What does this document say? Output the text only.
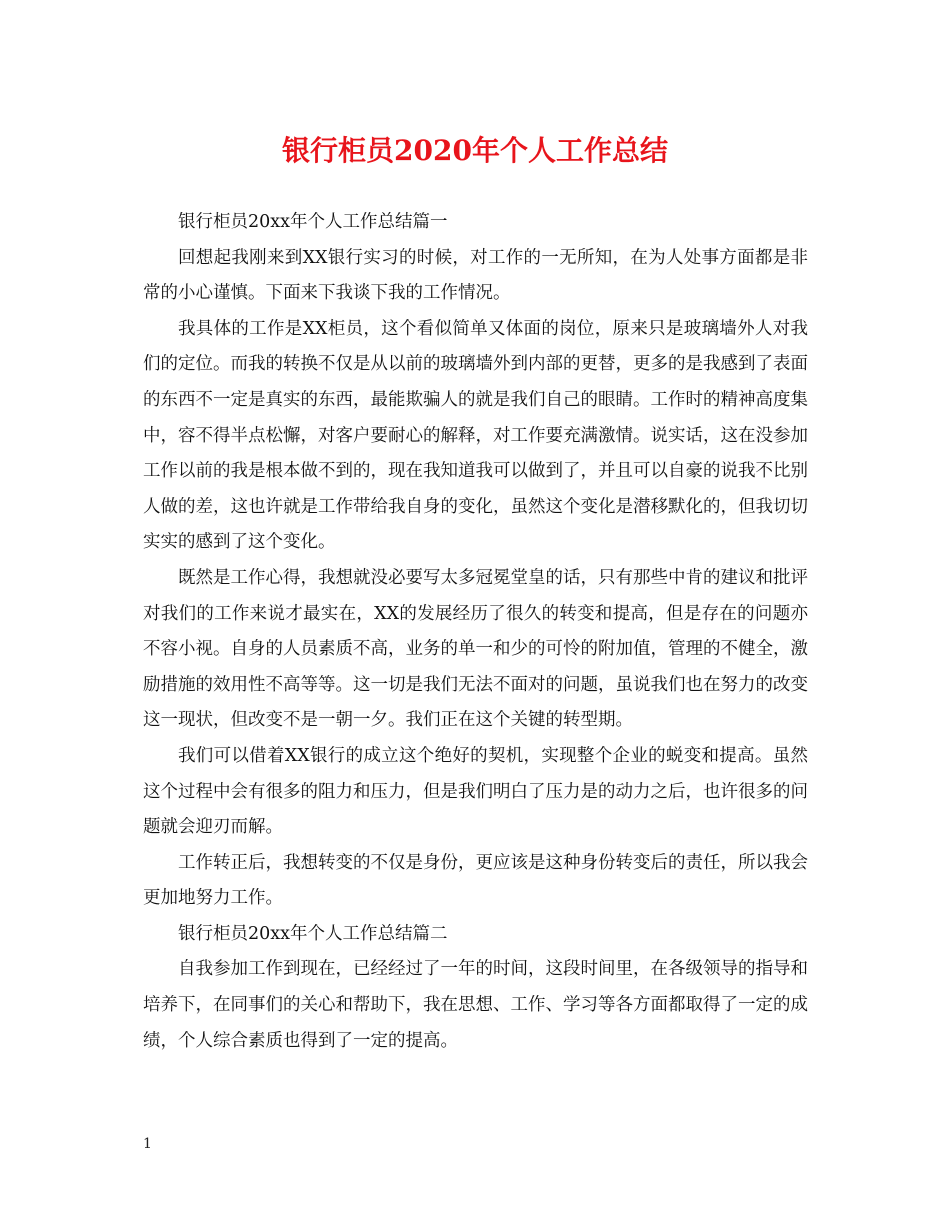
银行柜员2020年个人工作总结

银行柜员20xx年个人工作总结篇一

回想起我刚来到XX银行实习的时候，对工作的一无所知，在为人处事方面都是非常的小心谨慎。下面来下我谈下我的工作情况。

我具体的工作是XX柜员，这个看似简单又体面的岗位，原来只是玻璃墙外人对我们的定位。而我的转换不仅是从以前的玻璃墙外到内部的更替，更多的是我感到了表面的东西不一定是真实的东西，最能欺骗人的就是我们自己的眼睛。工作时的精神高度集中，容不得半点松懈，对客户要耐心的解释，对工作要充满激情。说实话，这在没参加工作以前的我是根本做不到的，现在我知道我可以做到了，并且可以自豪的说我不比别人做的差，这也许就是工作带给我自身的变化，虽然这个变化是潜移默化的，但我切切实实的感到了这个变化。

既然是工作心得，我想就没必要写太多冠冕堂皇的话，只有那些中肯的建议和批评对我们的工作来说才最实在，XX的发展经历了很久的转变和提高，但是存在的问题亦不容小视。自身的人员素质不高，业务的单一和少的可怜的附加值，管理的不健全，激励措施的效用性不高等等。这一切是我们无法不面对的问题，虽说我们也在努力的改变这一现状，但改变不是一朝一夕。我们正在这个关键的转型期。

我们可以借着XX银行的成立这个绝好的契机，实现整个企业的蜕变和提高。虽然这个过程中会有很多的阻力和压力，但是我们明白了压力是的动力之后，也许很多的问题就会迎刃而解。

工作转正后，我想转变的不仅是身份，更应该是这种身份转变后的责任，所以我会更加地努力工作。

银行柜员20xx年个人工作总结篇二

自我参加工作到现在，已经经过了一年的时间，这段时间里，在各级领导的指导和培养下，在同事们的关心和帮助下，我在思想、工作、学习等各方面都取得了一定的成绩，个人综合素质也得到了一定的提高。

1
